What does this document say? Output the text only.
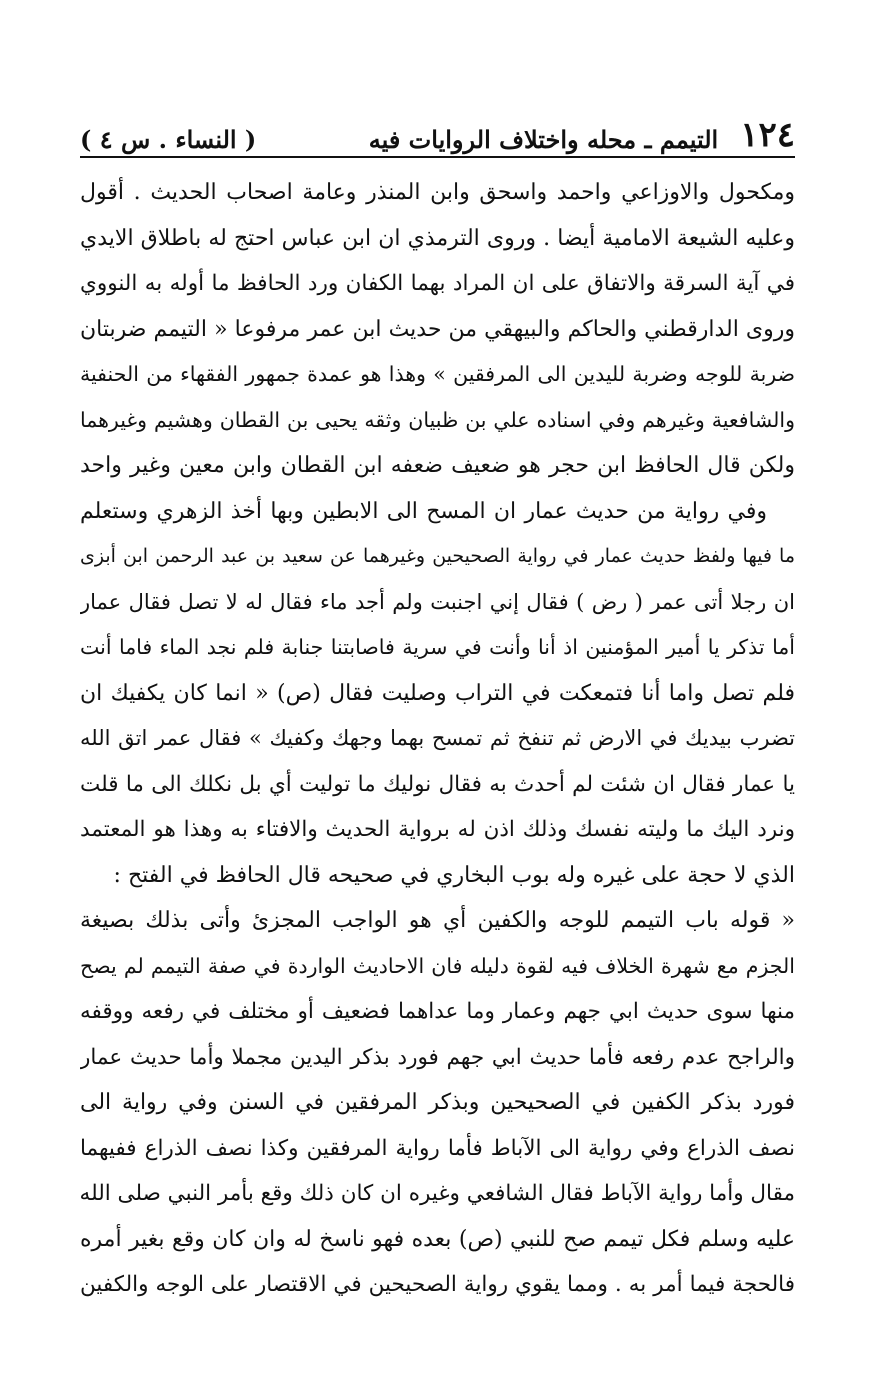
١٢٤
التيمم ـ محله واختلاف الروايات فيه
( النساء . س ٤ )
ومكحول والاوزاعي واحمد واسحق وابن المنذر وعامة اصحاب الحديث . أقول
وعليه الشيعة الامامية أيضا . وروى الترمذي ان ابن عباس احتج له باطلاق الايدي
في آية السرقة والاتفاق على ان المراد بهما الكفان ورد الحافظ ما أوله به النووي
وروى الدارقطني والحاكم والبيهقي من حديث ابن عمر مرفوعا « التيمم ضربتان
ضربة للوجه وضربة لليدين الى المرفقين » وهذا هو عمدة جمهور الفقهاء من الحنفية
والشافعية وغيرهم وفي اسناده علي بن ظبيان وثقه يحيى بن القطان وهشيم وغيرهما
ولكن قال الحافظ ابن حجر هو ضعيف ضعفه ابن القطان وابن معين وغير واحد
وفي رواية من حديث عمار ان المسح الى الابطين وبها أخذ الزهري وستعلم
ما فيها ولفظ حديث عمار في رواية الصحيحين وغيرهما عن سعيد بن عبد الرحمن ابن أبزى
ان رجلا أتى عمر ( رض ) فقال إني اجنبت ولم أجد ماء فقال له لا تصل فقال عمار
أما تذكر يا أمير المؤمنين اذ أنا وأنت في سرية فاصابتنا جنابة فلم نجد الماء فاما أنت
فلم تصل واما أنا فتمعكت في التراب وصليت فقال (ص) « انما كان يكفيك ان
تضرب بيديك في الارض ثم تنفخ ثم تمسح بهما وجهك وكفيك » فقال عمر اتق الله
يا عمار فقال ان شئت لم أحدث به فقال نوليك ما توليت أي بل نكلك الى ما قلت
ونرد اليك ما وليته نفسك وذلك اذن له برواية الحديث والافتاء به وهذا هو المعتمد
الذي لا حجة على غيره وله بوب البخاري في صحيحه قال الحافظ في الفتح :
« قوله باب التيمم للوجه والكفين أي هو الواجب المجزئ وأتى بذلك بصيغة
الجزم مع شهرة الخلاف فيه لقوة دليله فان الاحاديث الواردة في صفة التيمم لم يصح
منها سوى حديث ابي جهم وعمار وما عداهما فضعيف أو مختلف في رفعه ووقفه
والراجح عدم رفعه فأما حديث ابي جهم فورد بذكر اليدين مجملا وأما حديث عمار
فورد بذكر الكفين في الصحيحين وبذكر المرفقين في السنن وفي رواية الى
نصف الذراع وفي رواية الى الآباط فأما رواية المرفقين وكذا نصف الذراع ففيهما
مقال وأما رواية الآباط فقال الشافعي وغيره ان كان ذلك وقع بأمر النبي صلى الله
عليه وسلم فكل تيمم صح للنبي (ص) بعده فهو ناسخ له وان كان وقع بغير أمره
فالحجة فيما أمر به . ومما يقوي رواية الصحيحين في الاقتصار على الوجه والكفين
